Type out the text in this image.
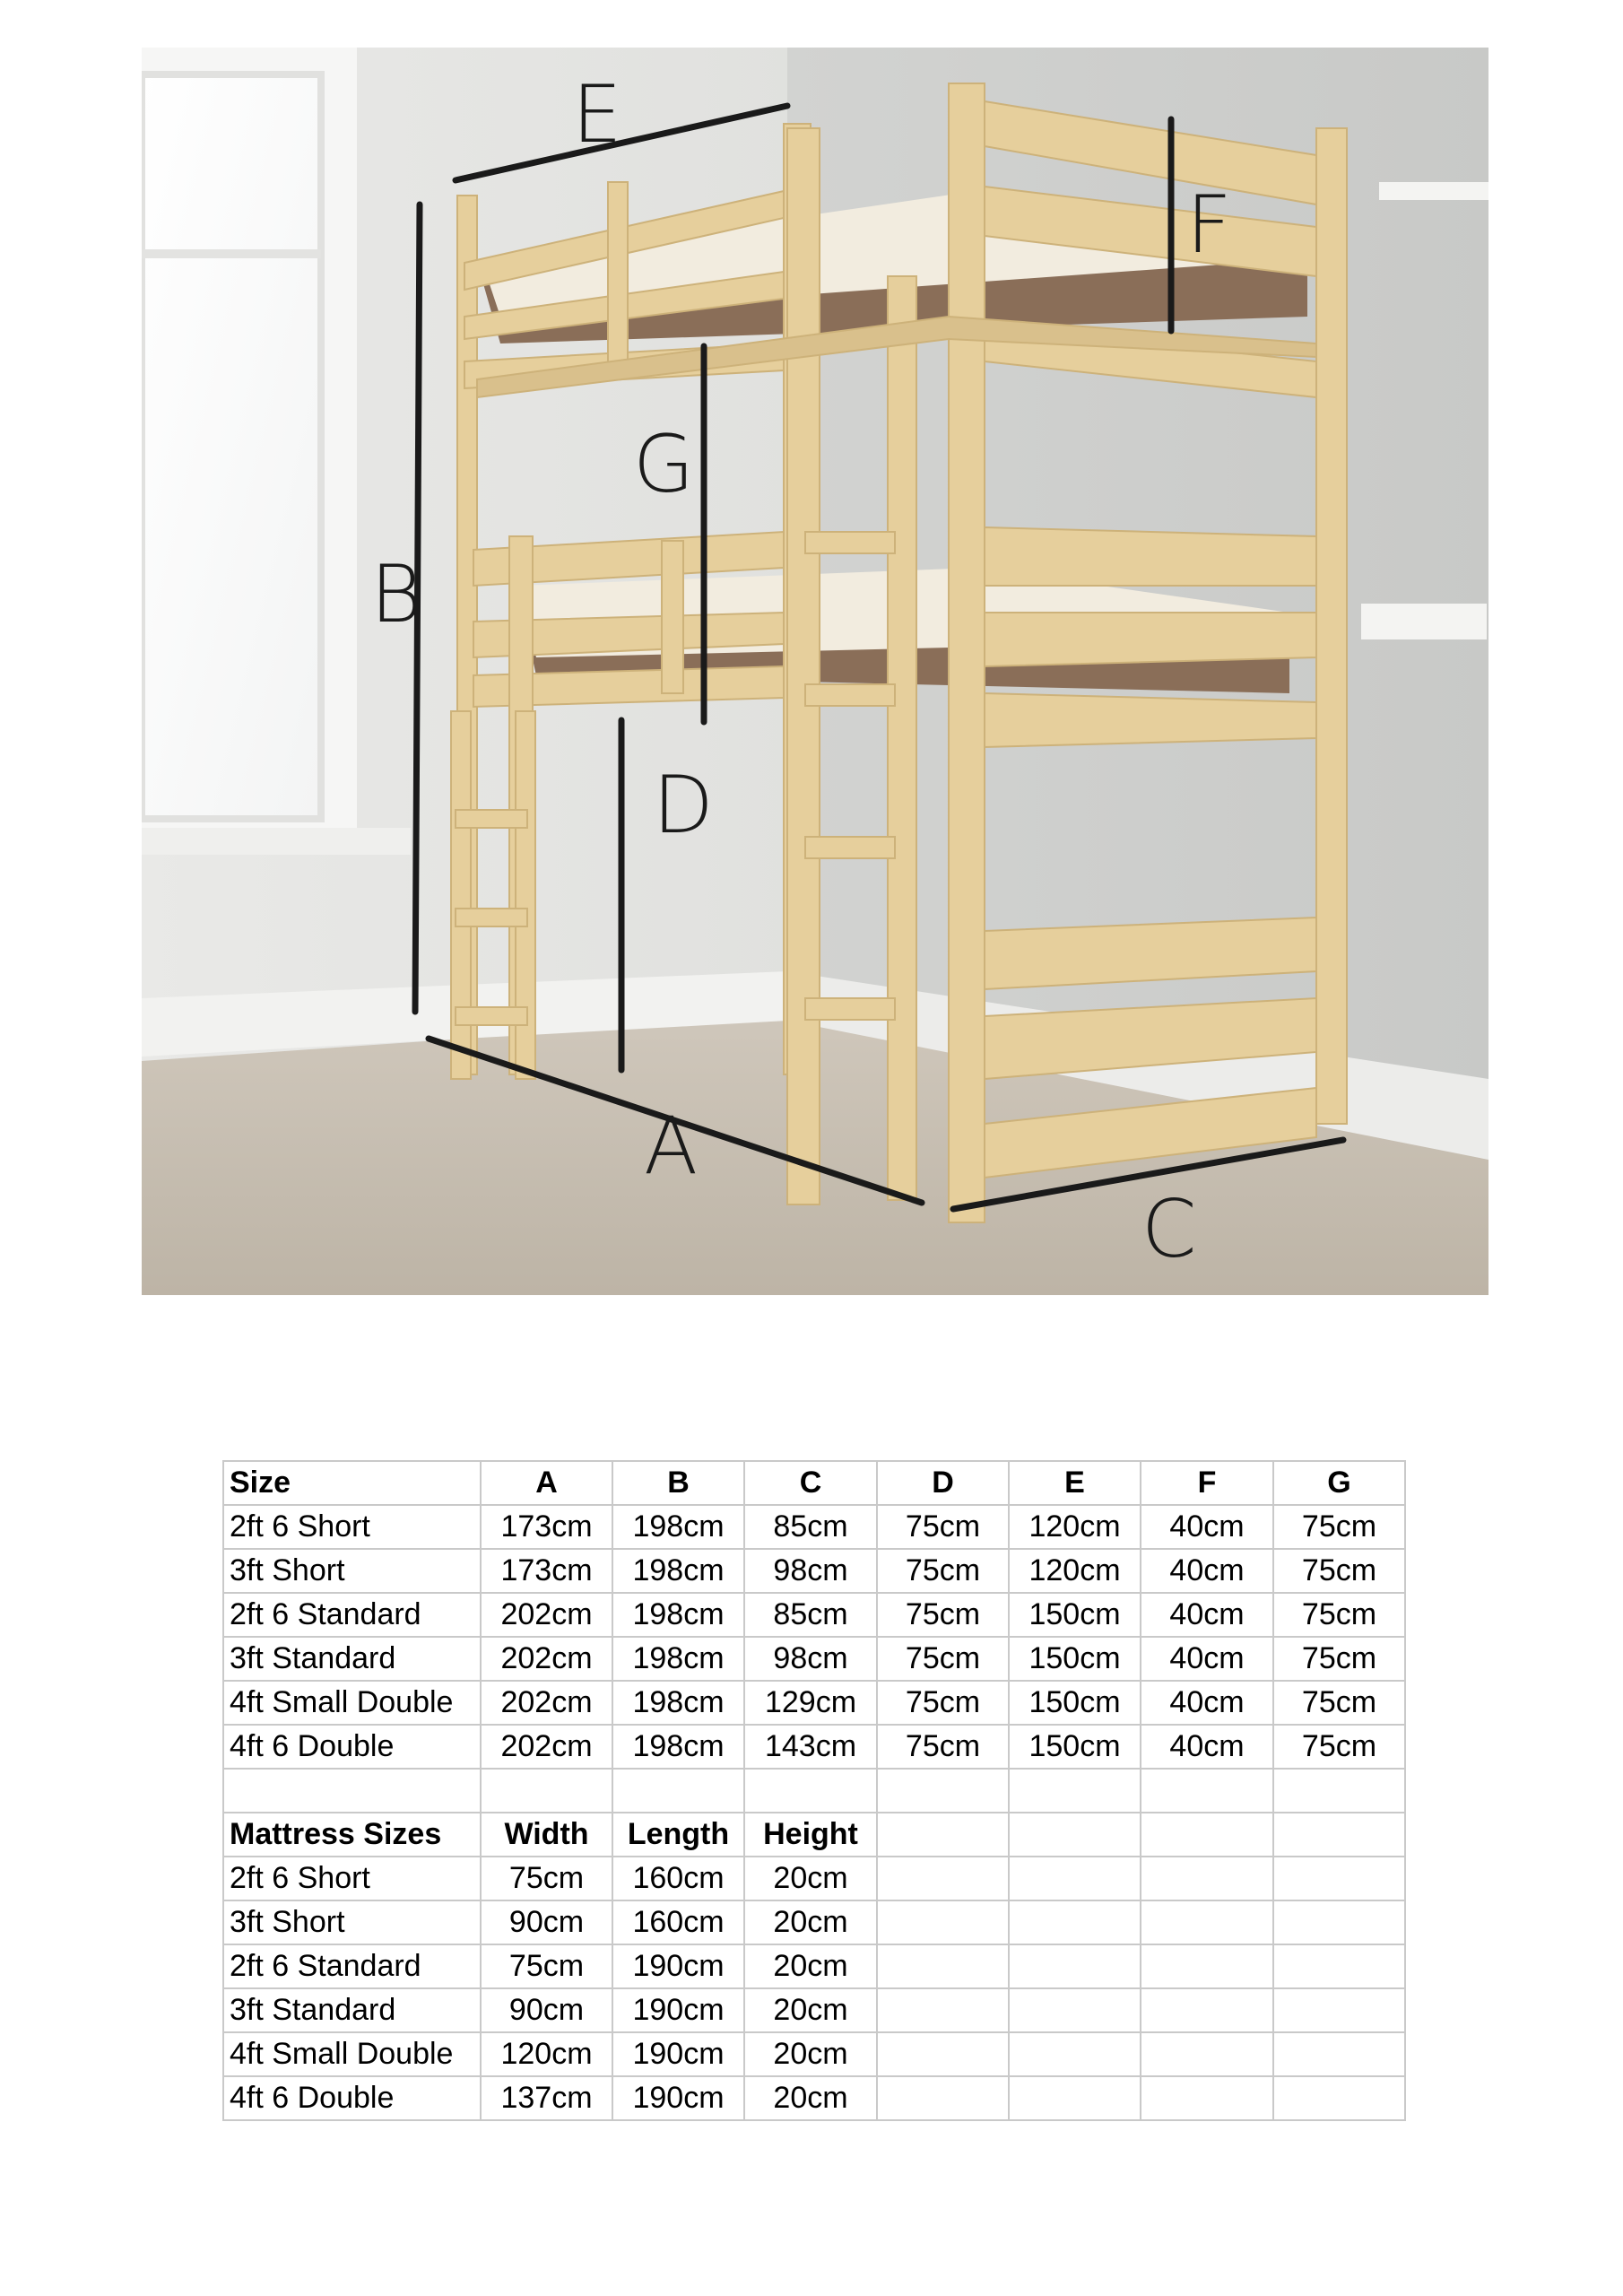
E
B
G
D
A
C
F
Size	A	B	C	D	E	F	G
2ft 6 Short	173cm	198cm	85cm	75cm	120cm	40cm	75cm
3ft Short	173cm	198cm	98cm	75cm	120cm	40cm	75cm
2ft 6 Standard	202cm	198cm	85cm	75cm	150cm	40cm	75cm
3ft Standard	202cm	198cm	98cm	75cm	150cm	40cm	75cm
4ft Small Double	202cm	198cm	129cm	75cm	150cm	40cm	75cm
4ft 6 Double	202cm	198cm	143cm	75cm	150cm	40cm	75cm

Mattress Sizes	Width	Length	Height				
2ft 6 Short	75cm	160cm	20cm				
3ft Short	90cm	160cm	20cm				
2ft 6 Standard	75cm	190cm	20cm				
3ft Standard	90cm	190cm	20cm				
4ft Small Double	120cm	190cm	20cm				
4ft 6 Double	137cm	190cm	20cm				
